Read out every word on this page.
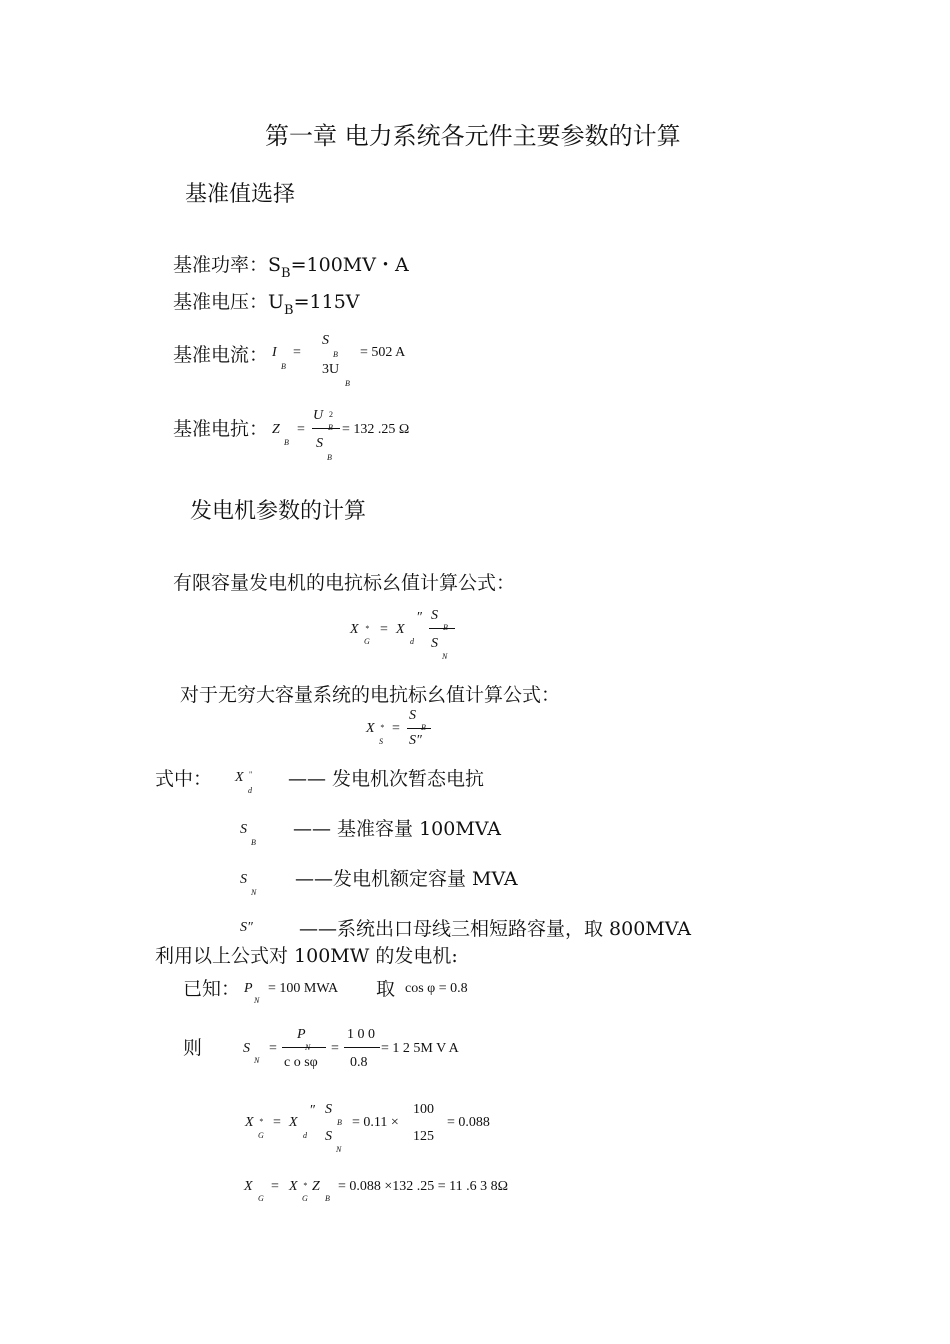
第一章 电力系统各元件主要参数的计算
基准值选择
基准功率：$S_B=100MV$・A
基准电压：$U_B=115V$
基准电流： I
B
=
S
B
3U
B
= 502 A
基准电抗： Z
B
=
U 2
S
B
= 132 .25 Ω
发电机参数的计算
有限容量发电机的电抗标幺值计算公式：
X *
G
= X
″
d
S
S
N
对于无穷大容量系统的电抗标幺值计算公式：
X *
S
=
S
S″
式中： X "
d
—— 发电机次暂态电抗
S
B
—— 基准容量 100MVA
S
N
——发电机额定容量 MVA
S″ ——系统出口母线三相短路容量，取 800MVA
利用以上公式对 100MW 的发电机:
已知： P
N
= 100 MWA 取 cos φ = 0.8
则	S
N
=
P
c o sφ
=
1 0 0
0.8
= 1 2 5M V A
X *
G
= X
″
d
S
B
S
N
= 0.11 ×
100
125
= 0.088
X
G
= X *
G
Z
B
= 0.088 ×132 .25 = 11 .6 3 8Ω
